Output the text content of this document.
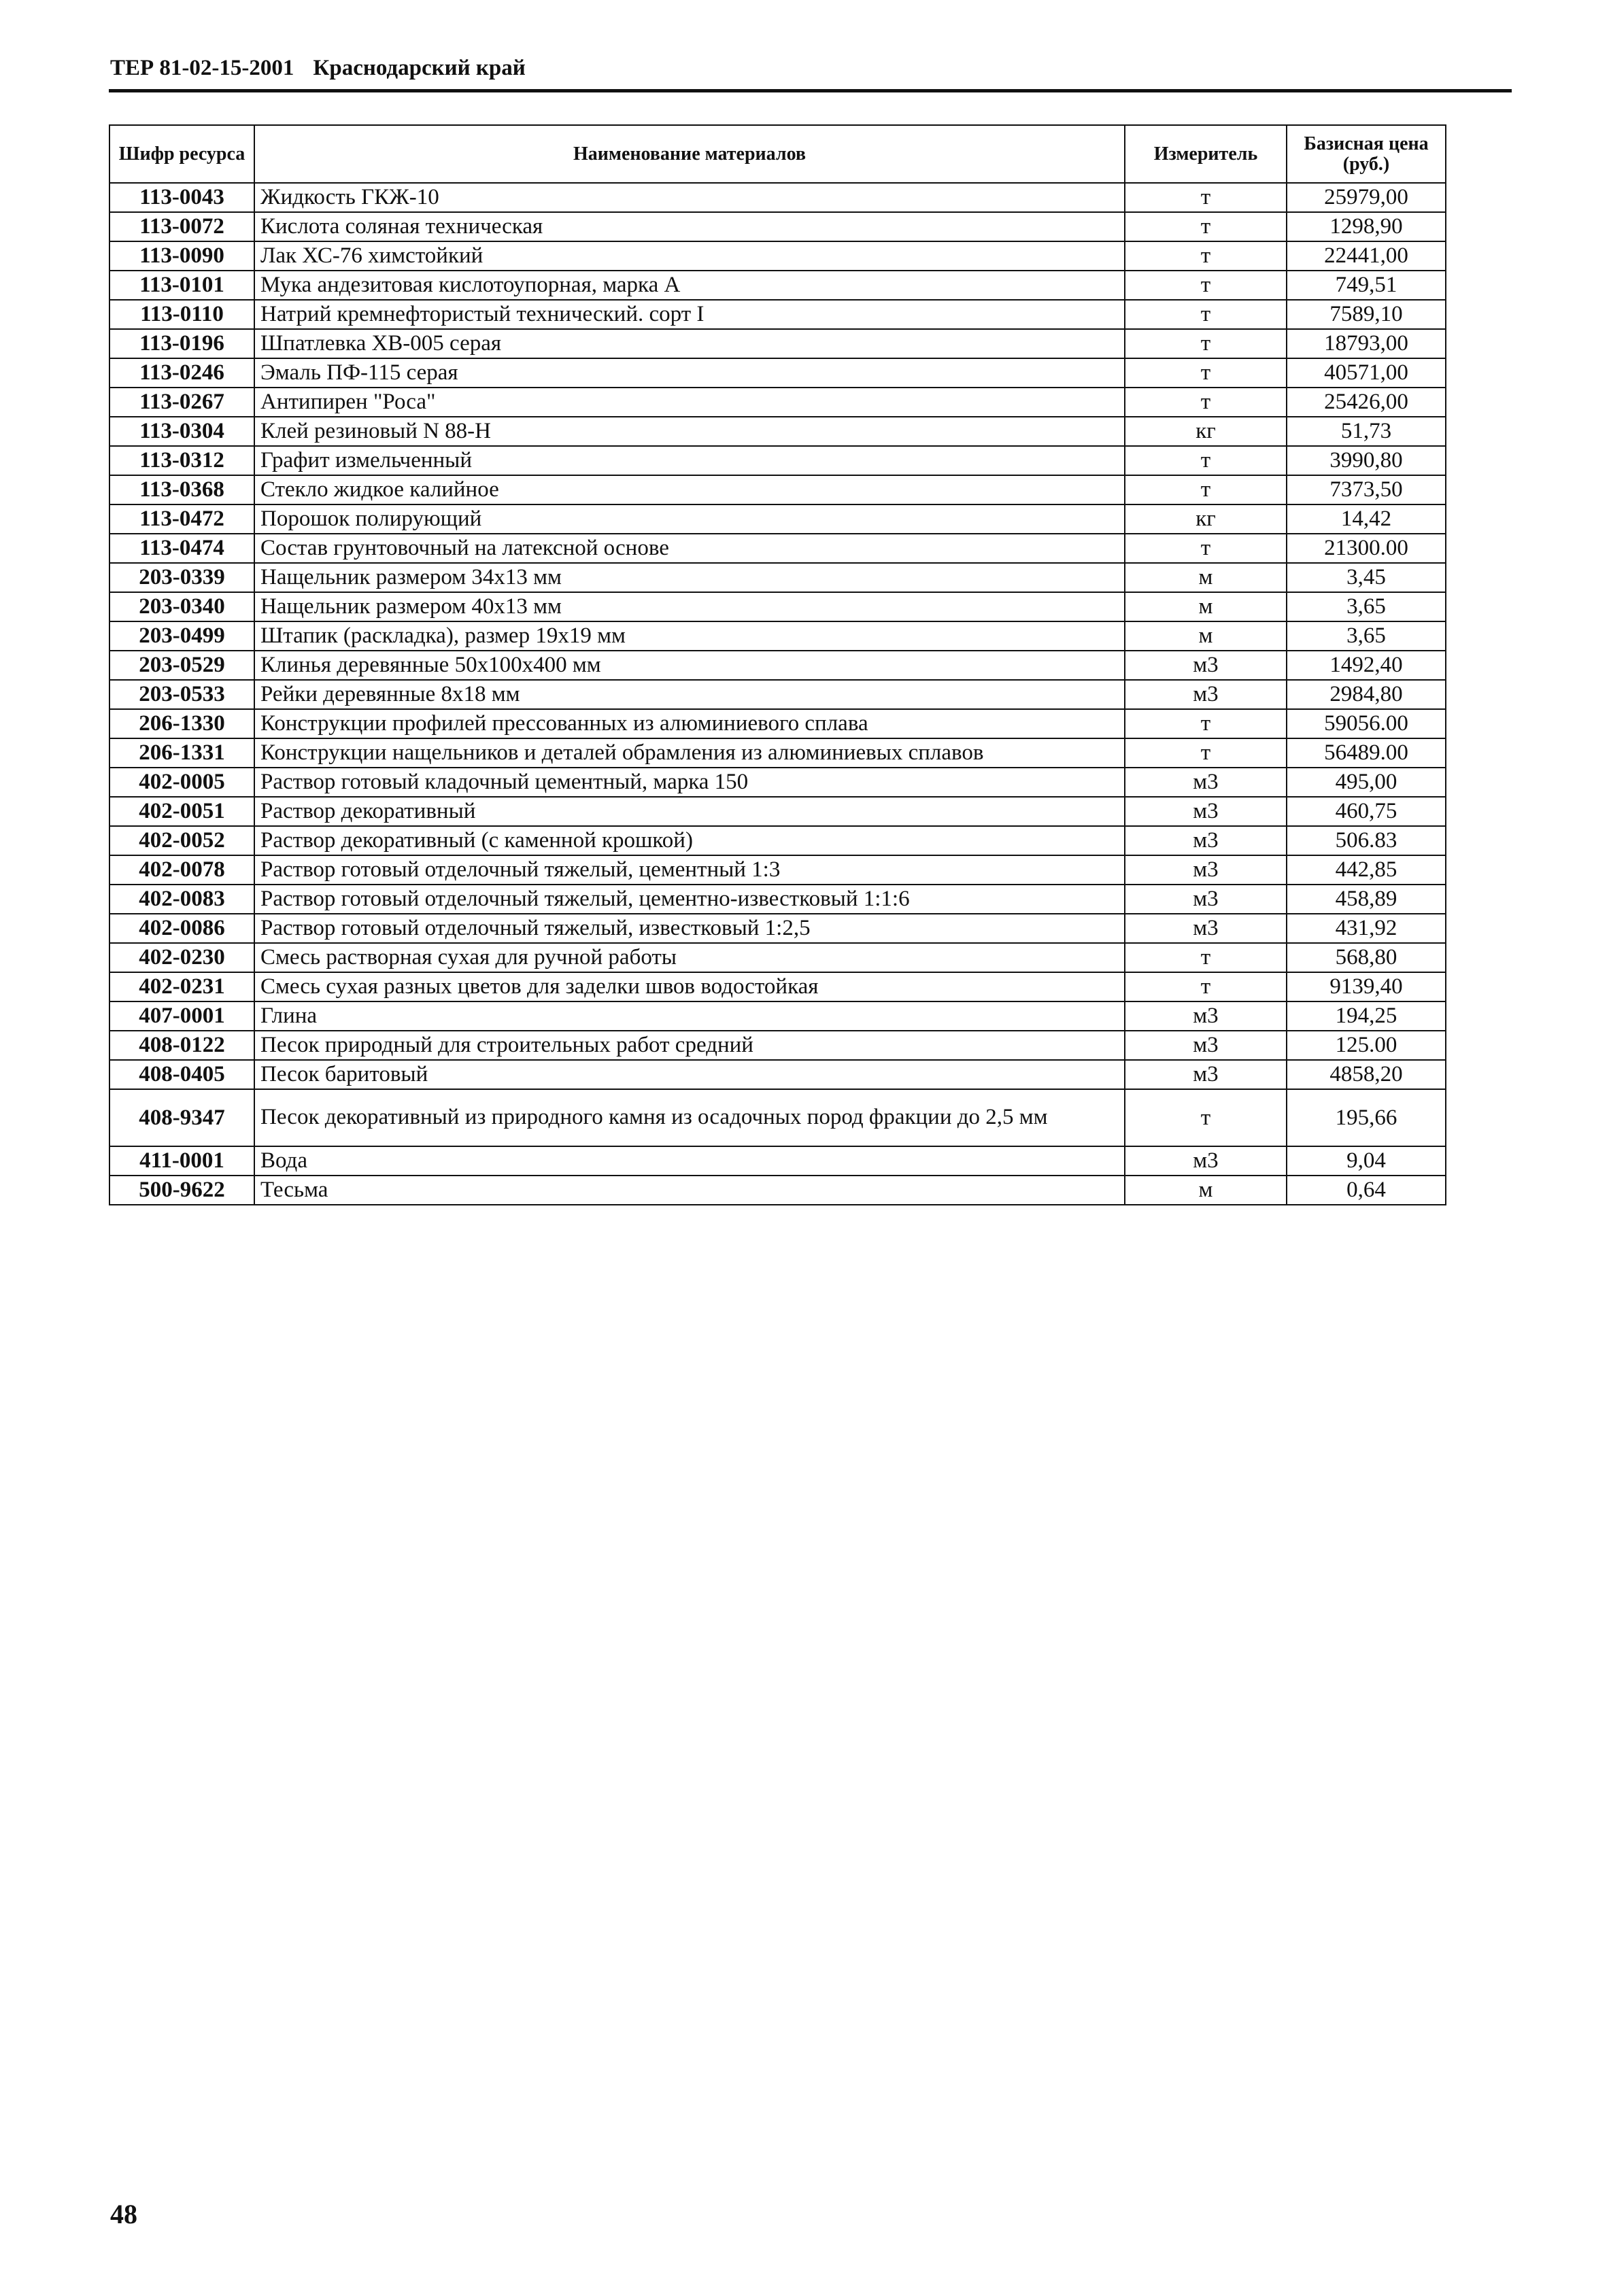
ТЕР 81-02-15-2001 Краснодарский край
Шифр ресурса	Наименование материалов	Измеритель	Базисная цена (руб.)
113-0043	Жидкость ГКЖ-10	т	25979,00
113-0072	Кислота соляная техническая	т	1298,90
113-0090	Лак ХС-76 химстойкий	т	22441,00
113-0101	Мука андезитовая кислотоупорная, марка А	т	749,51
113-0110	Натрий кремнефтористый технический. сорт I	т	7589,10
113-0196	Шпатлевка ХВ-005 серая	т	18793,00
113-0246	Эмаль ПФ-115 серая	т	40571,00
113-0267	Антипирен "Роса"	т	25426,00
113-0304	Клей резиновый N 88-Н	кг	51,73
113-0312	Графит измельченный	т	3990,80
113-0368	Стекло жидкое калийное	т	7373,50
113-0472	Порошок полирующий	кг	14,42
113-0474	Состав грунтовочный на латексной основе	т	21300.00
203-0339	Нащельник размером 34х13 мм	м	3,45
203-0340	Нащельник размером 40х13 мм	м	3,65
203-0499	Штапик (раскладка), размер 19х19 мм	м	3,65
203-0529	Клинья деревянные 50х100х400 мм	м3	1492,40
203-0533	Рейки деревянные 8х18 мм	м3	2984,80
206-1330	Конструкции профилей прессованных из алюминиевого сплава	т	59056.00
206-1331	Конструкции нащельников и деталей обрамления из алюминиевых сплавов	т	56489.00
402-0005	Раствор готовый кладочный цементный, марка 150	м3	495,00
402-0051	Раствор декоративный	м3	460,75
402-0052	Раствор декоративный (с каменной крошкой)	м3	506.83
402-0078	Раствор готовый отделочный тяжелый, цементный 1:3	м3	442,85
402-0083	Раствор готовый отделочный тяжелый, цементно-известковый 1:1:6	м3	458,89
402-0086	Раствор готовый отделочный тяжелый, известковый 1:2,5	м3	431,92
402-0230	Смесь растворная сухая для ручной работы	т	568,80
402-0231	Смесь сухая разных цветов для заделки швов водостойкая	т	9139,40
407-0001	Глина	м3	194,25
408-0122	Песок природный для строительных работ средний	м3	125.00
408-0405	Песок баритовый	м3	4858,20
408-9347	Песок декоративный из природного камня из осадочных пород фракции до 2,5 мм	т	195,66
411-0001	Вода	м3	9,04
500-9622	Тесьма	м	0,64
48
